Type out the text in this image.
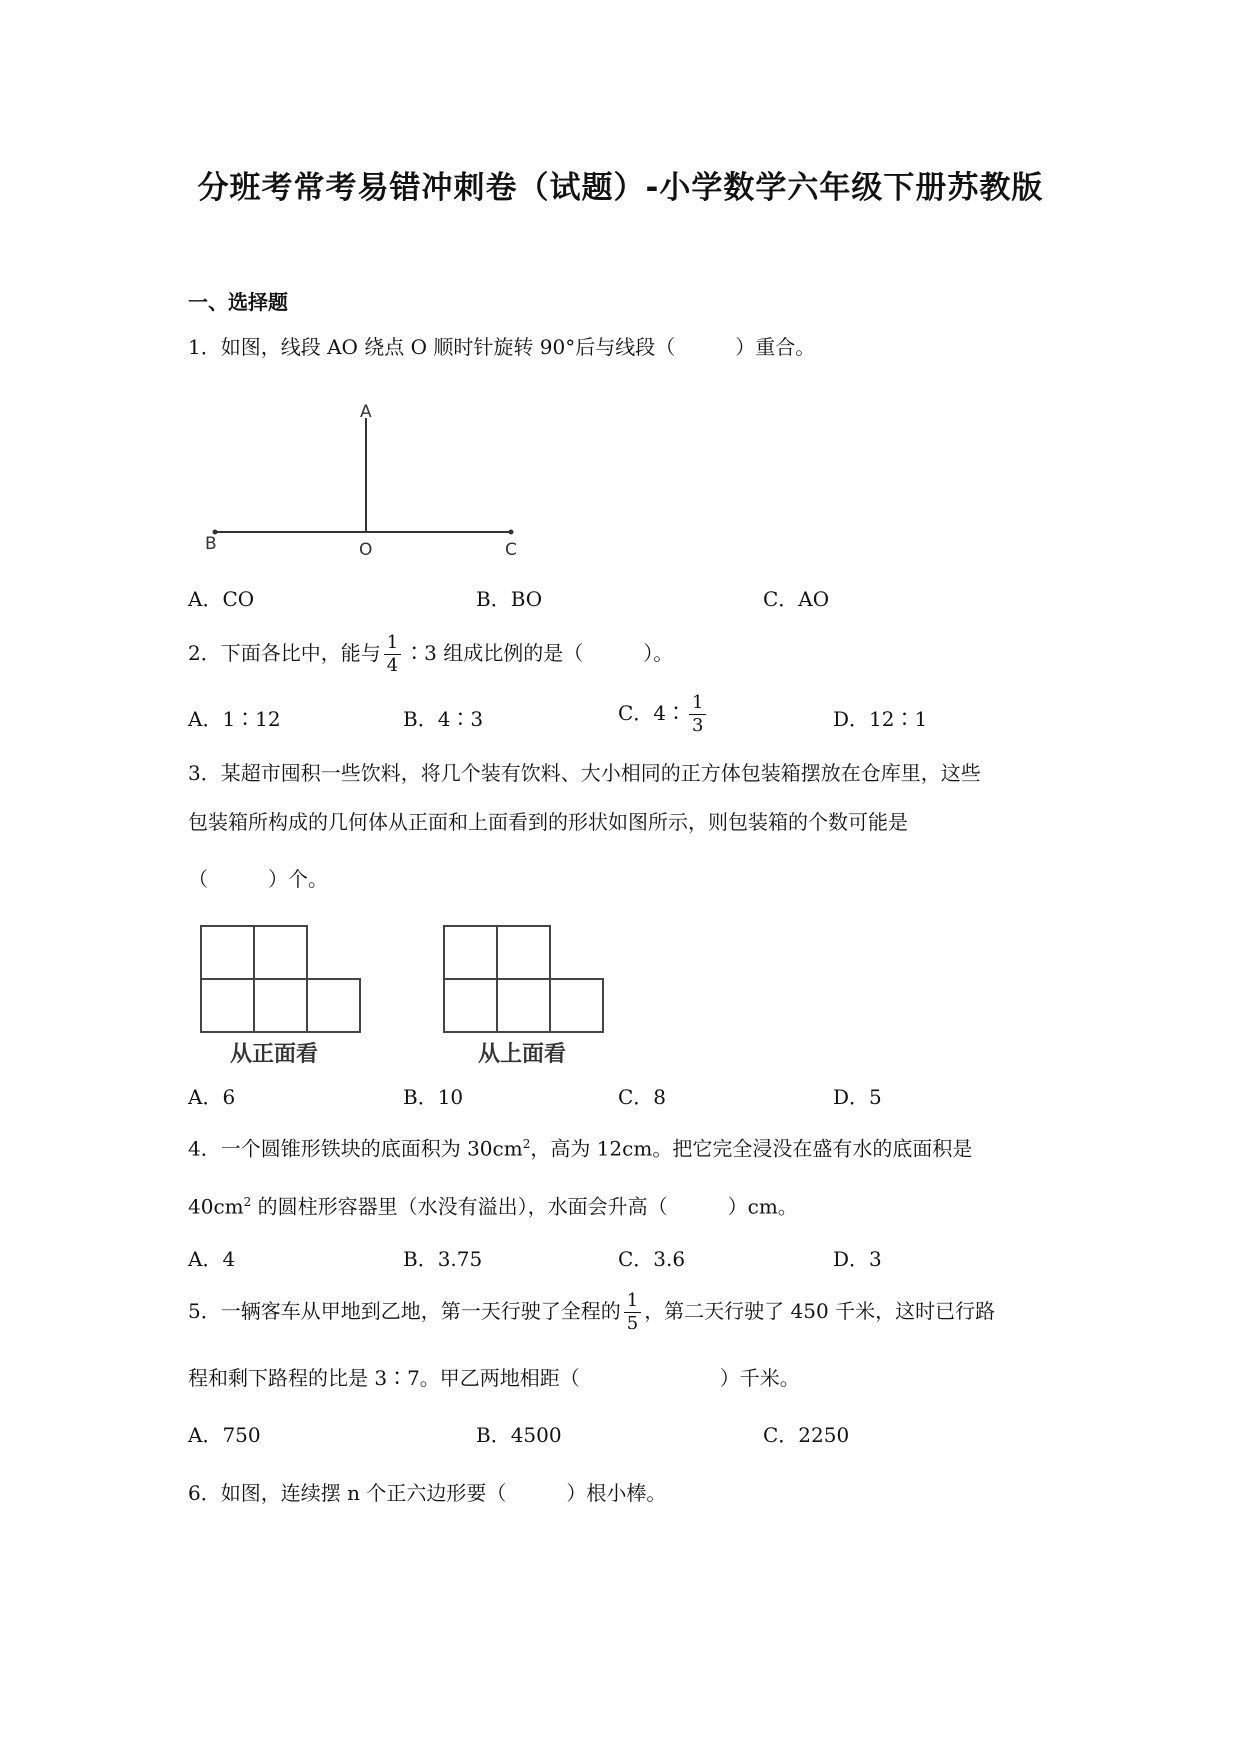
分班考常考易错冲刺卷（试题）-小学数学六年级下册苏教版
一、选择题
1．如图，线段 AO 绕点 O 顺时针旋转 90°后与线段（　　　）重合。
A
B	O	C
A．CO	B．BO	C．AO
2．下面各比中，能与 $\frac{1}{4}$ ∶3 组成比例的是（　　　）。
A．1∶12	B．4∶3	C．4∶ $\frac{1}{3}$	D．12∶1
3．某超市囤积一些饮料，将几个装有饮料、大小相同的正方体包装箱摆放在仓库里，这些
包装箱所构成的几何体从正面和上面看到的形状如图所示，则包装箱的个数可能是
（　　　）个。
从正面看	从上面看
A．6	B．10	C．8	D．5
4．一个圆锥形铁块的底面积为 $30cm^2$，高为 12cm。把它完全浸没在盛有水的底面积是
$40cm^2$ 的圆柱形容器里（水没有溢出），水面会升高（　　　）cm。
A．4	B．3.75	C．3.6	D．3
5．一辆客车从甲地到乙地，第一天行驶了全程的 $\frac{1}{5}$ ，第二天行驶了 450 千米，这时已行路
程和剩下路程的比是 3∶7。甲乙两地相距（　　　　　　　）千米。
A．750	B．4500	C．2250
6．如图，连续摆 n 个正六边形要（　　　）根小棒。
